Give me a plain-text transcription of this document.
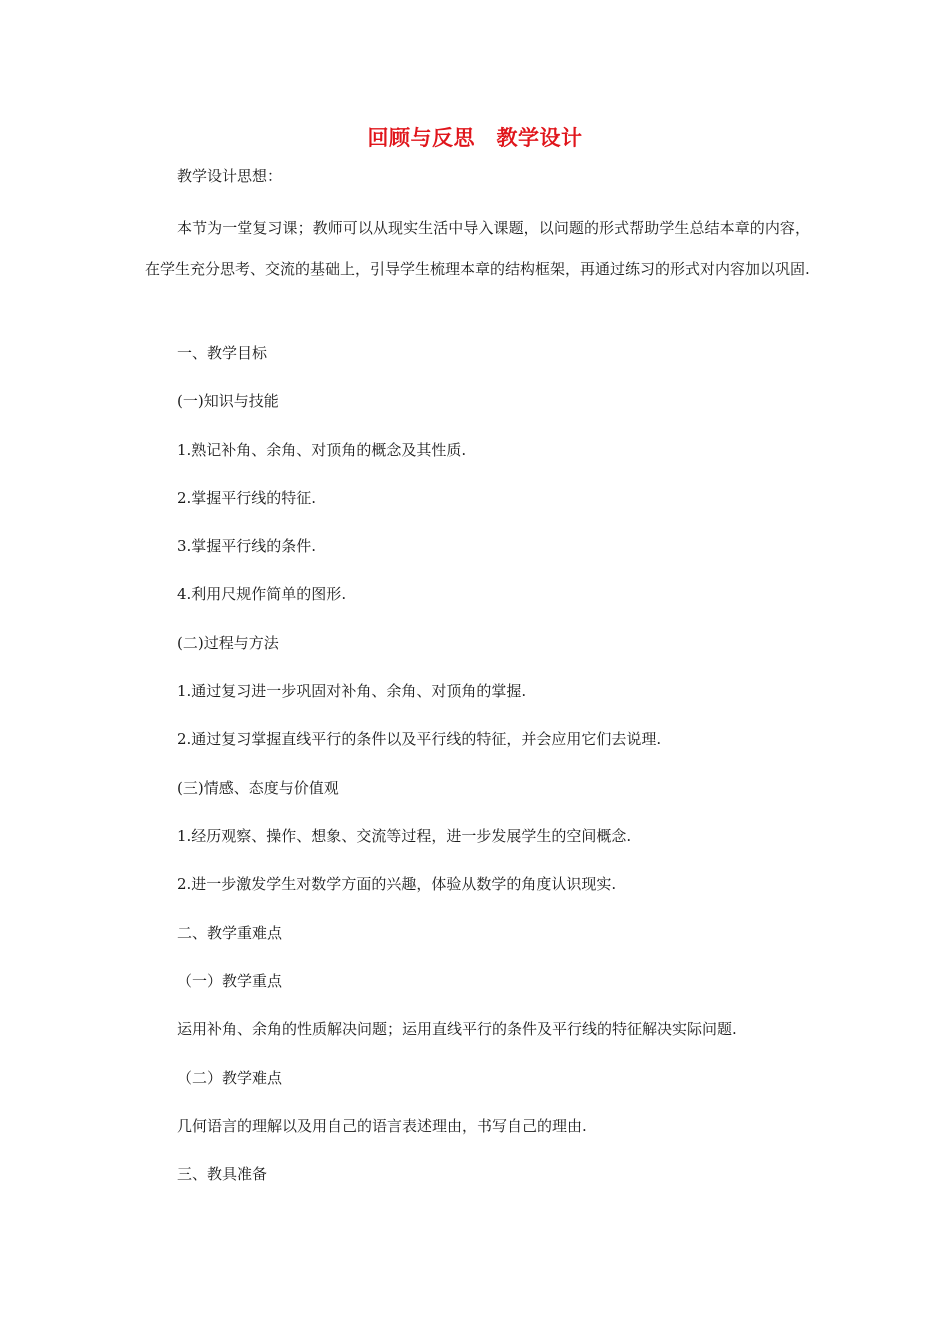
回顾与反思　教学设计
教学设计思想：
本节为一堂复习课；教师可以从现实生活中导入课题，以问题的形式帮助学生总结本章的内容，在学生充分思考、交流的基础上，引导学生梳理本章的结构框架，再通过练习的形式对内容加以巩固.
一、教学目标
(一)知识与技能
1.熟记补角、余角、对顶角的概念及其性质.
2.掌握平行线的特征.
3.掌握平行线的条件.
4.利用尺规作简单的图形.
(二)过程与方法
1.通过复习进一步巩固对补角、余角、对顶角的掌握.
2.通过复习掌握直线平行的条件以及平行线的特征，并会应用它们去说理.
(三)情感、态度与价值观
1.经历观察、操作、想象、交流等过程，进一步发展学生的空间概念.
2.进一步激发学生对数学方面的兴趣，体验从数学的角度认识现实.
二、教学重难点
（一）教学重点
运用补角、余角的性质解决问题；运用直线平行的条件及平行线的特征解决实际问题.
（二）教学难点
几何语言的理解以及用自己的语言表述理由，书写自己的理由.
三、教具准备
